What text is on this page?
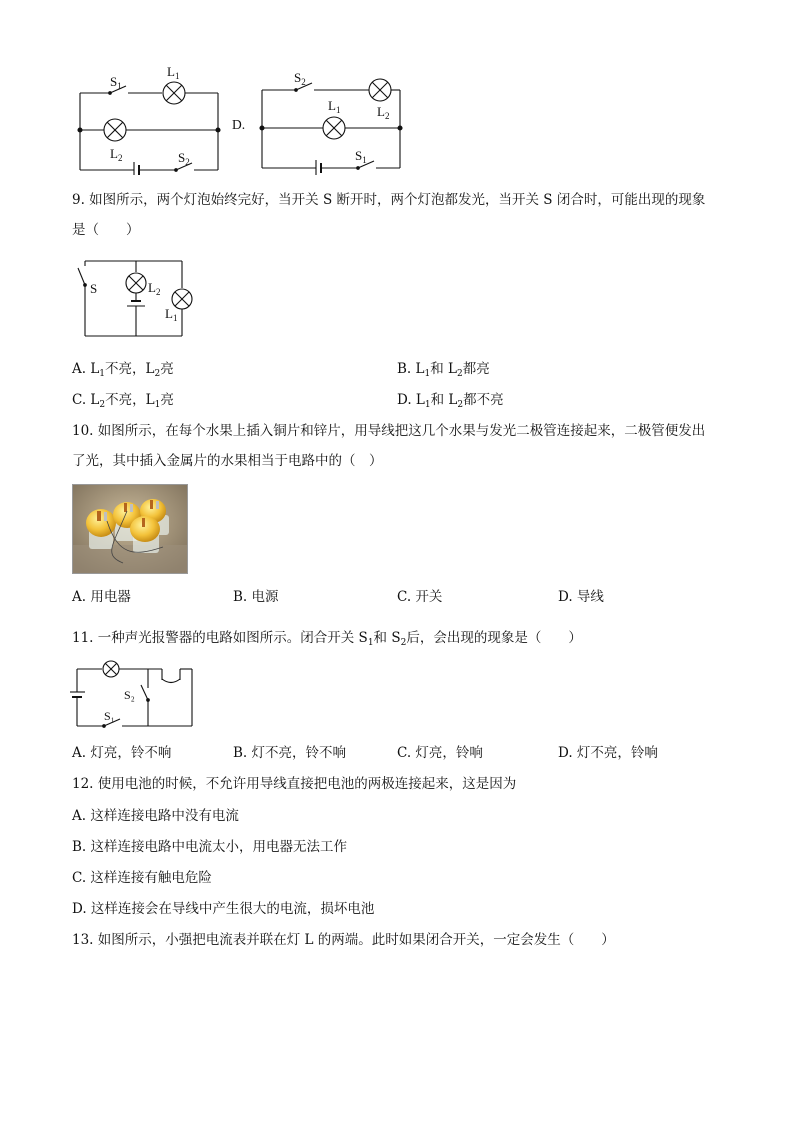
$S_1$
$L_1$
$L_2$	$S_2$
D.
$S_2$
$L_1$	$L_2$
$S_1$
9. 如图所示，两个灯泡始终完好，当开关 S 断开时，两个灯泡都发光，当开关 S 闭合时，可能出现的现象
是（　　）
S	$L_2$
$L_1$
A. $L_1$不亮，$L_2$亮	B. $L_1$和 $L_2$都亮
C. $L_2$不亮，$L_1$亮	D. $L_1$和 $L_2$都不亮
10. 如图所示，在每个水果上插入铜片和锌片，用导线把这几个水果与发光二极管连接起来，二极管便发出
了光，其中插入金属片的水果相当于电路中的（　）
A. 用电器	B. 电源	C. 开关	D. 导线
11. 一种声光报警器的电路如图所示。闭合开关 $S_1$和 $S_2$后，会出现的现象是（　　）
S₂
S₁
A. 灯亮，铃不响	B. 灯不亮，铃不响	C. 灯亮，铃响	D. 灯不亮，铃响
12. 使用电池的时候，不允许用导线直接把电池的两极连接起来，这是因为
A. 这样连接电路中没有电流
B. 这样连接电路中电流太小，用电器无法工作
C. 这样连接有触电危险
D. 这样连接会在导线中产生很大的电流，损坏电池
13. 如图所示，小强把电流表并联在灯 L 的两端。此时如果闭合开关，一定会发生（　　）
